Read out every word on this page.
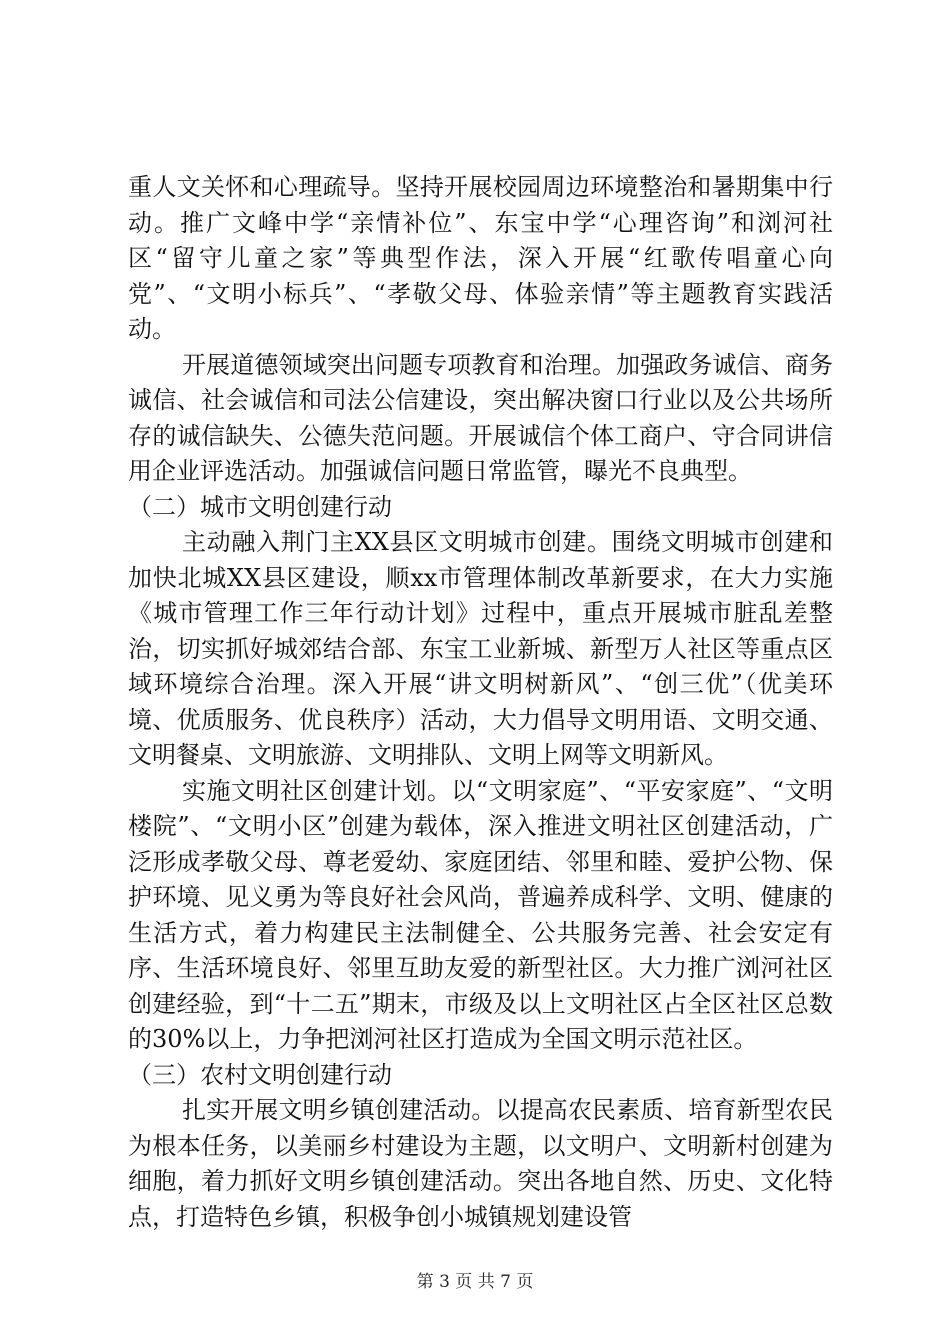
重人文关怀和心理疏导。坚持开展校园周边环境整治和暑期集中行动。推广文峰中学“亲情补位”、东宝中学“心理咨询”和浏河社区“留守儿童之家”等典型作法，深入开展“红歌传唱童心向党”、“文明小标兵”、“孝敬父母、体验亲情”等主题教育实践活动。

开展道德领域突出问题专项教育和治理。加强政务诚信、商务诚信、社会诚信和司法公信建设，突出解决窗口行业以及公共场所存的诚信缺失、公德失范问题。开展诚信个体工商户、守合同讲信用企业评选活动。加强诚信问题日常监管，曝光不良典型。

（二）城市文明创建行动

主动融入荆门主XX县区文明城市创建。围绕文明城市创建和加快北城XX县区建设，顺xx市管理体制改革新要求，在大力实施《城市管理工作三年行动计划》过程中，重点开展城市脏乱差整治，切实抓好城郊结合部、东宝工业新城、新型万人社区等重点区域环境综合治理。深入开展“讲文明树新风”、“创三优”（优美环境、优质服务、优良秩序）活动，大力倡导文明用语、文明交通、文明餐桌、文明旅游、文明排队、文明上网等文明新风。

实施文明社区创建计划。以“文明家庭”、“平安家庭”、“文明楼院”、“文明小区”创建为载体，深入推进文明社区创建活动，广泛形成孝敬父母、尊老爱幼、家庭团结、邻里和睦、爱护公物、保护环境、见义勇为等良好社会风尚，普遍养成科学、文明、健康的生活方式，着力构建民主法制健全、公共服务完善、社会安定有序、生活环境良好、邻里互助友爱的新型社区。大力推广浏河社区创建经验，到“十二五”期末，市级及以上文明社区占全区社区总数的30%以上，力争把浏河社区打造成为全国文明示范社区。

（三）农村文明创建行动

扎实开展文明乡镇创建活动。以提高农民素质、培育新型农民为根本任务，以美丽乡村建设为主题，以文明户、文明新村创建为细胞，着力抓好文明乡镇创建活动。突出各地自然、历史、文化特点，打造特色乡镇，积极争创小城镇规划建设管

第 3 页 共 7 页
